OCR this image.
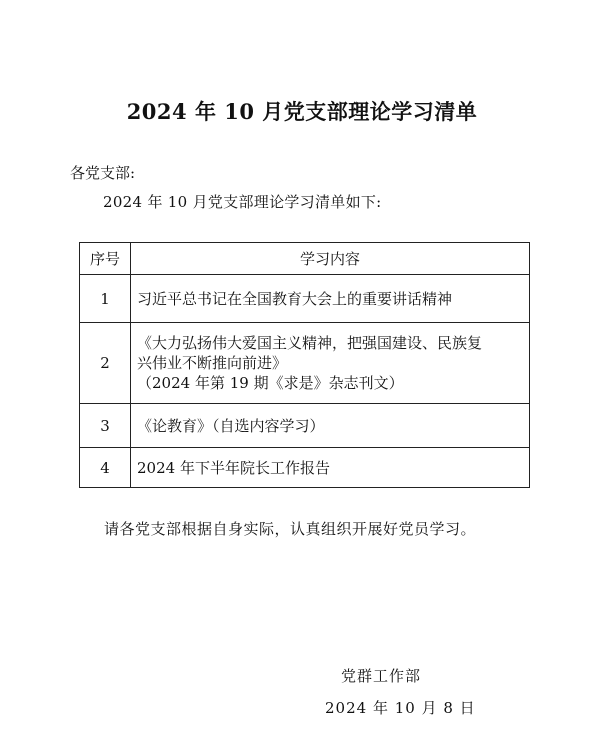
2024 年 10 月党支部理论学习清单
各党支部:
2024 年 10 月党支部理论学习清单如下:
序号	学习内容
1	习近平总书记在全国教育大会上的重要讲话精神

2	《大力弘扬伟大爱国主义精神，把强国建设、民族复
兴伟业不断推向前进》
（2024 年第 19 期《求是》杂志刊文）

3	《论教育》（自选内容学习）

4	2024 年下半年院长工作报告
请各党支部根据自身实际，认真组织开展好党员学习。
党群工作部
2024 年 10 月 8 日
